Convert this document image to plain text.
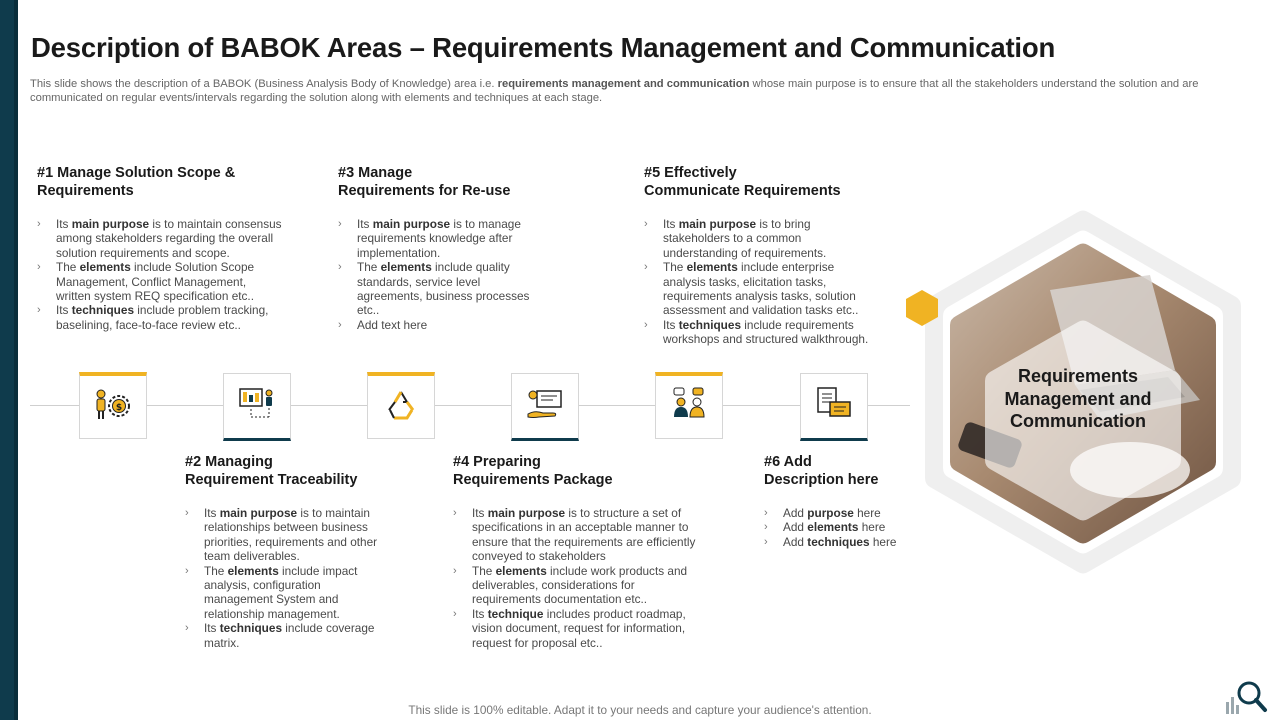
Description of BABOK Areas – Requirements Management and Communication
This slide shows the description of a BABOK (Business Analysis Body of Knowledge) area i.e. requirements management and communication whose main purpose is to ensure that all the stakeholders understand the solution and are communicated on regular events/intervals regarding the solution along with elements and techniques at each stage.
#1 Manage Solution Scope &
Requirements
› Its main purpose is to maintain consensus among stakeholders regarding the overall solution requirements and scope.
› The elements include Solution Scope Management, Conflict Management, written system REQ specification etc..
› Its techniques include problem tracking, baselining, face-to-face review etc..
#3 Manage
Requirements for Re-use
› Its main purpose is to manage requirements knowledge after implementation.
› The elements include quality standards, service level agreements, business processes etc..
› Add text here
#5 Effectively
Communicate Requirements
› Its main purpose is to bring stakeholders to a common understanding of requirements.
› The elements include enterprise analysis tasks, elicitation tasks, requirements analysis tasks, solution assessment and validation tasks etc..
› Its techniques include requirements workshops and structured walkthrough.
$
#2 Managing
Requirement Traceability
› Its main purpose is to maintain relationships between business priorities, requirements and other team deliverables.
› The elements include impact analysis, configuration management System and relationship management.
› Its techniques include coverage matrix.
#4 Preparing
Requirements Package
› Its main purpose is to structure a set of specifications in an acceptable manner to ensure that the requirements are efficiently conveyed to stakeholders
› The elements include work products and deliverables, considerations for requirements documentation etc..
› Its technique includes product roadmap, vision document, request for information, request for proposal etc..
#6 Add
Description here
› Add purpose here
› Add elements here
› Add techniques here
Requirements
Management and
Communication
This slide is 100% editable. Adapt it to your needs and capture your audience's attention.
